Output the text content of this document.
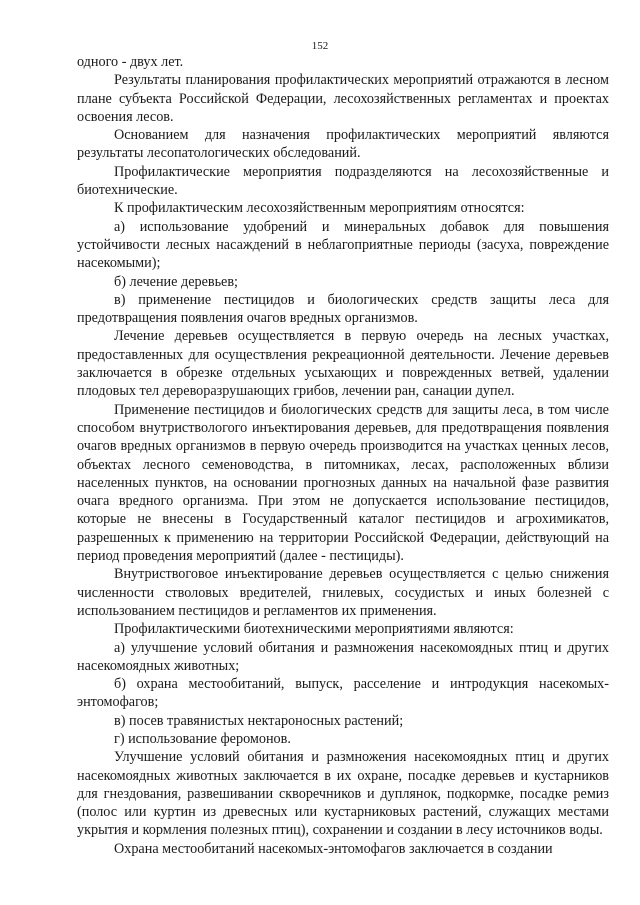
152

одного - двух лет.

Результаты планирования профилактических мероприятий отражаются в лесном плане субъекта Российской Федерации, лесохозяйственных регламентах и проектах освоения лесов.

Основанием для назначения профилактических мероприятий являются результаты лесопатологических обследований.

Профилактические мероприятия подразделяются на лесохозяйственные и биотехнические.

К профилактическим лесохозяйственным мероприятиям относятся:

а) использование удобрений и минеральных добавок для повышения устойчивости лесных насаждений в неблагоприятные периоды (засуха, повреждение насекомыми);

б) лечение деревьев;

в) применение пестицидов и биологических средств защиты леса для предотвращения появления очагов вредных организмов.

Лечение деревьев осуществляется в первую очередь на лесных участках, предоставленных для осуществления рекреационной деятельности. Лечение деревьев заключается в обрезке отдельных усыхающих и поврежденных ветвей, удалении плодовых тел дереворазрушающих грибов, лечении ран, санации дупел.

Применение пестицидов и биологических средств для защиты леса, в том числе способом внутриствологого инъектирования деревьев, для предотвращения появления очагов вредных организмов в первую очередь производится на участках ценных лесов, объектах лесного семеноводства, в питомниках, лесах, расположенных вблизи населенных пунктов, на основании прогнозных данных на начальной фазе развития очага вредного организма. При этом не допускается использование пестицидов, которые не внесены в Государственный каталог пестицидов и агрохимикатов, разрешенных к применению на территории Российской Федерации, действующий на период проведения мероприятий (далее - пестициды).

Внутриствоговое инъектирование деревьев осуществляется с целью снижения численности стволовых вредителей, гнилевых, сосудистых и иных болезней с использованием пестицидов и регламентов их применения.

Профилактическими биотехническими мероприятиями являются:

а) улучшение условий обитания и размножения насекомоядных птиц и других насекомоядных животных;

б) охрана местообитаний, выпуск, расселение и интродукция насекомых-энтомофагов;

в) посев травянистых нектароносных растений;

г) использование феромонов.

Улучшение условий обитания и размножения насекомоядных птиц и других насекомоядных животных заключается в их охране, посадке деревьев и кустарников для гнездования, развешивании скворечников и дуплянок, подкормке, посадке ремиз (полос или куртин из древесных или кустарниковых растений, служащих местами укрытия и кормления полезных птиц), сохранении и создании в лесу источников воды.

Охрана местообитаний насекомых-энтомофагов заключается в создании
